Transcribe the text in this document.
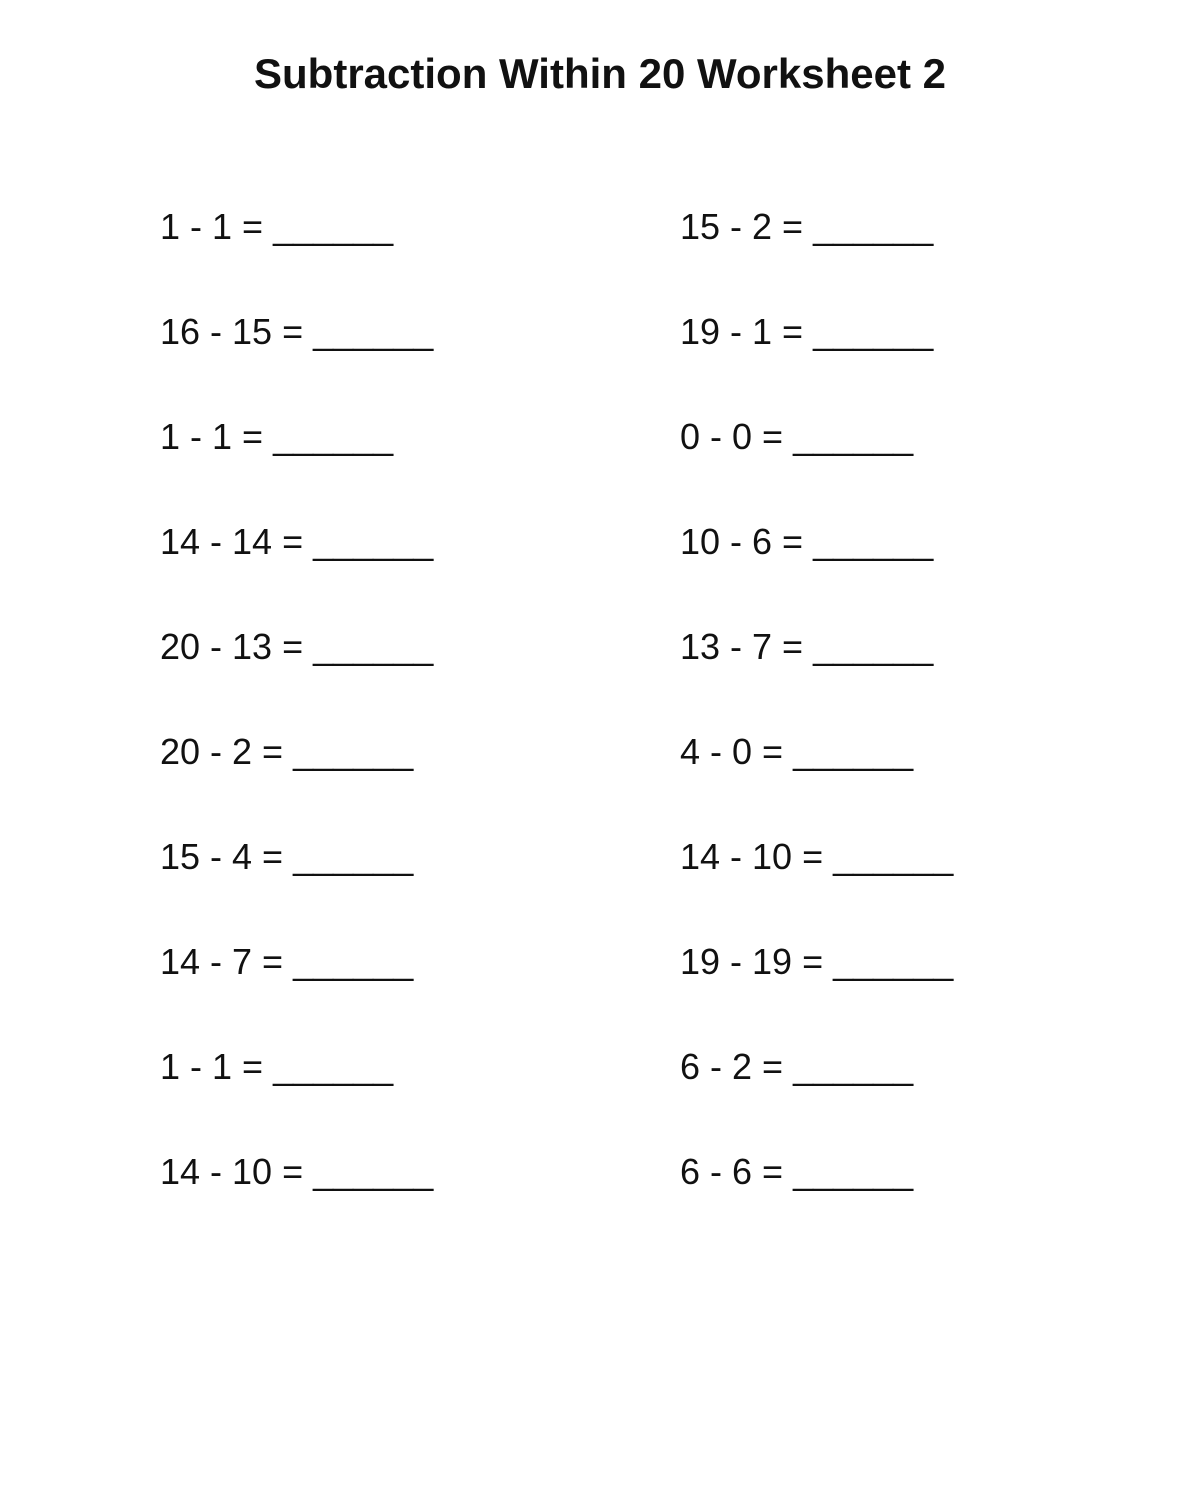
Subtraction Within 20 Worksheet 2
1 - 1 = ______
16 - 15 = ______
1 - 1 = ______
14 - 14 = ______
20 - 13 = ______
20 - 2 = ______
15 - 4 = ______
14 - 7 = ______
1 - 1 = ______
14 - 10 = ______
15 - 2 = ______
19 - 1 = ______
0 - 0 = ______
10 - 6 = ______
13 - 7 = ______
4 - 0 = ______
14 - 10 = ______
19 - 19 = ______
6 - 2 = ______
6 - 6 = ______
